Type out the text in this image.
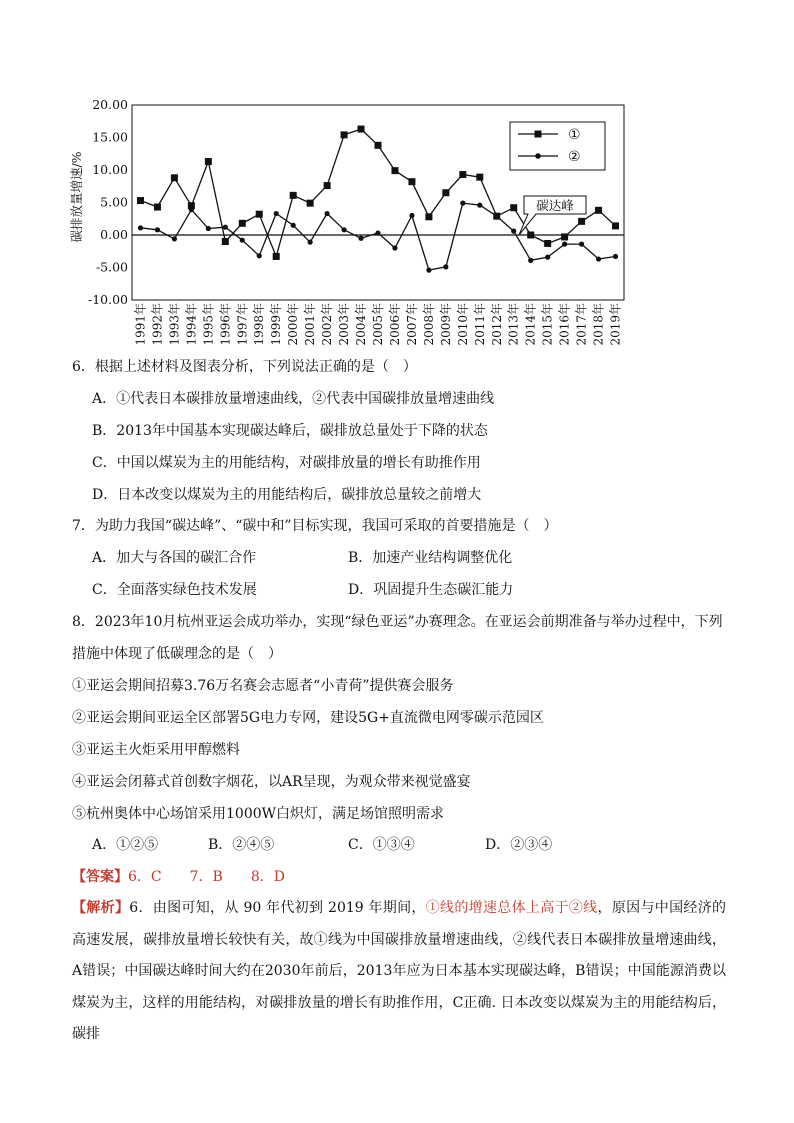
20.00
15.00
10.00
5.00
0.00
-5.00
-10.00
碳排放量增速/%
1991年 1992年 1993年 1994年 1995年 1996年 1997年 1998年 1999年 2000年 2001年 2002年 2003年 2004年 2005年 2006年 2007年 2008年 2009年 2010年 2011年 2012年 2013年 2014年 2015年 2016年 2017年 2018年 2019年
碳达峰
①
②
6．根据上述材料及图表分析，下列说法正确的是（　）
A．①代表日本碳排放量增速曲线，②代表中国碳排放量增速曲线
B．2013年中国基本实现碳达峰后，碳排放总量处于下降的状态
C．中国以煤炭为主的用能结构，对碳排放量的增长有助推作用
D．日本改变以煤炭为主的用能结构后，碳排放总量较之前增大
7．为助力我国“碳达峰”、“碳中和”目标实现，我国可采取的首要措施是（　）
A．加大与各国的碳汇合作	B．加速产业结构调整优化
C．全面落实绿色技术发展	D．巩固提升生态碳汇能力
8．2023年10月杭州亚运会成功举办，实现“绿色亚运”办赛理念。在亚运会前期准备与举办过程中，下列
措施中体现了低碳理念的是（　）
①亚运会期间招募3.76万名赛会志愿者“小青荷”提供赛会服务
②亚运会期间亚运全区部署5G电力专网，建设5G+直流微电网零碳示范园区
③亚运主火炬采用甲醇燃料
④亚运会闭幕式首创数字烟花，以AR呈现，为观众带来视觉盛宴
⑤杭州奥体中心场馆采用1000W白炽灯，满足场馆照明需求
A．①②⑤	B．②④⑤	C．①③④	D．②③④
【答案】6．C　　7．B　　8．D
【解析】6．由图可知，从 90 年代初到 2019 年期间，①线的增速总体上高于②线，原因与中国经济的高速发展，碳排放量增长较快有关，故①线为中国碳排放量增速曲线，②线代表日本碳排放量增速曲线，A错误；中国碳达峰时间大约在2030年前后，2013年应为日本基本实现碳达峰，B错误；中国能源消费以煤炭为主，这样的用能结构，对碳排放量的增长有助推作用，C正确. 日本改变以煤炭为主的用能结构后，碳排
